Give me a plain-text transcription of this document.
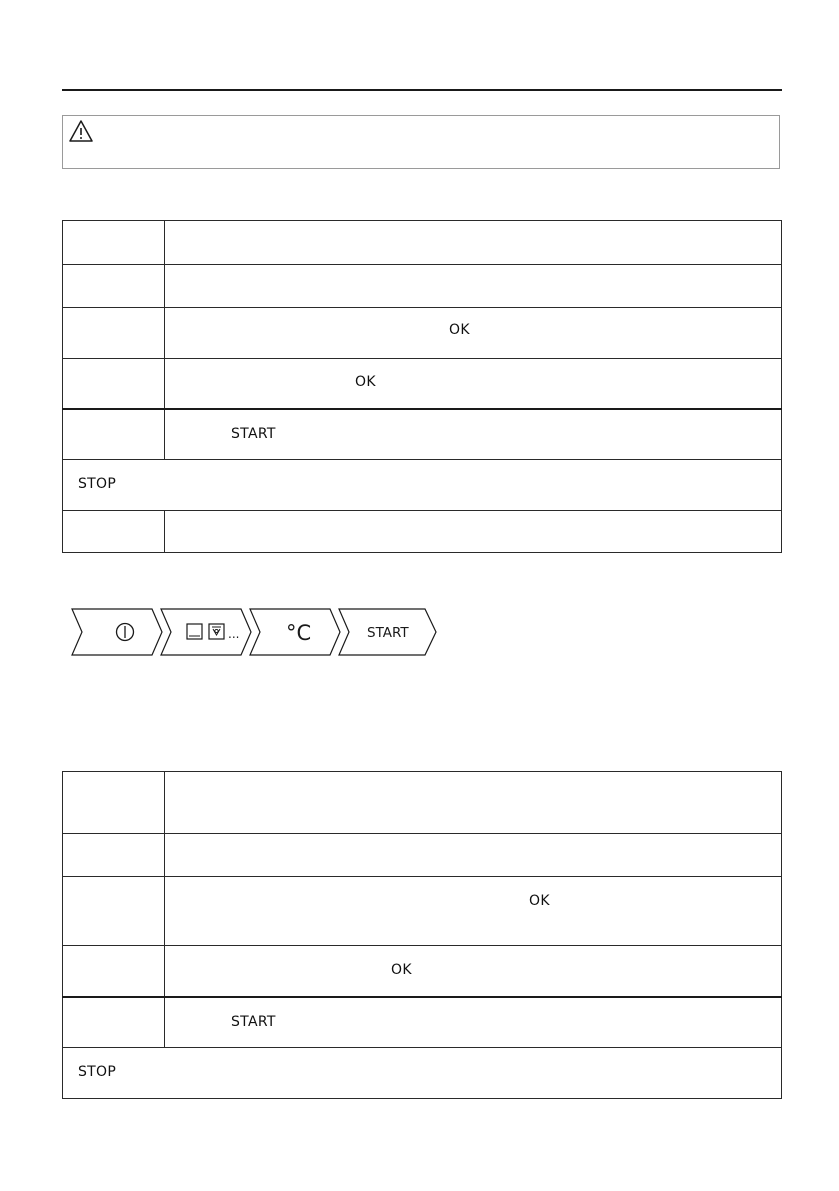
	OK

	OK

	START

STOP	

... °C	START

	OK

	OK

	START

STOP	
